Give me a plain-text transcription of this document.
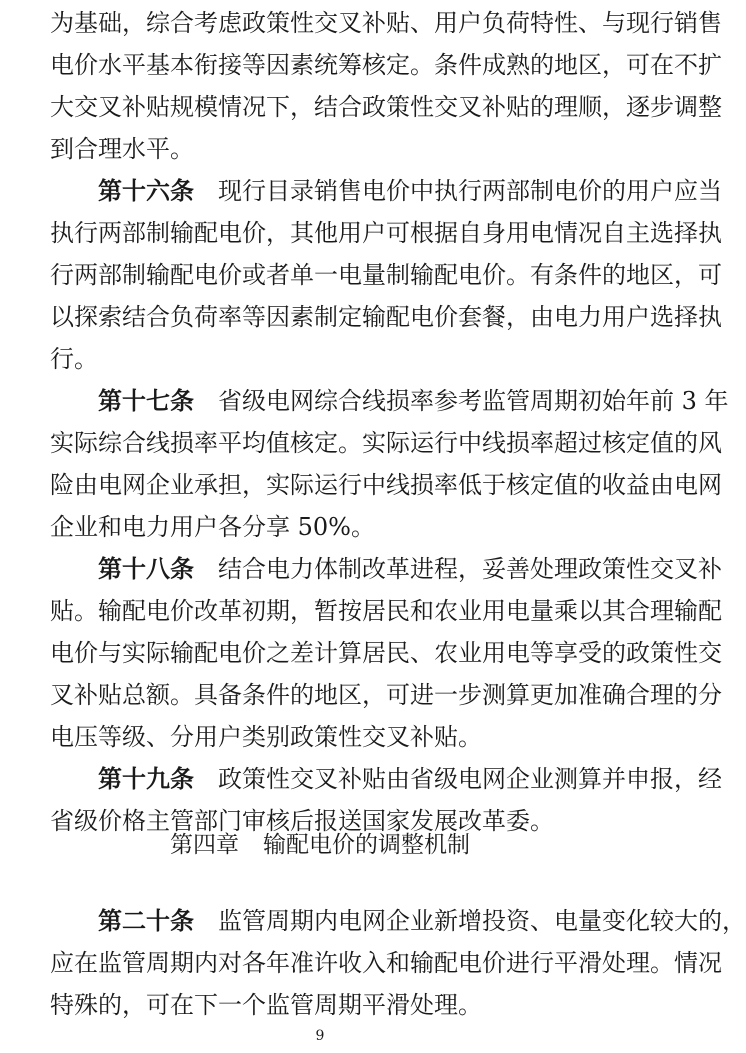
为基础，综合考虑政策性交叉补贴、用户负荷特性、与现行销售
电价水平基本衔接等因素统筹核定。条件成熟的地区，可在不扩
大交叉补贴规模情况下，结合政策性交叉补贴的理顺，逐步调整
到合理水平。
第十六条 现行目录销售电价中执行两部制电价的用户应当
执行两部制输配电价，其他用户可根据自身用电情况自主选择执
行两部制输配电价或者单一电量制输配电价。有条件的地区，可
以探索结合负荷率等因素制定输配电价套餐，由电力用户选择执
行。
第十七条 省级电网综合线损率参考监管周期初始年前 3 年
实际综合线损率平均值核定。实际运行中线损率超过核定值的风
险由电网企业承担，实际运行中线损率低于核定值的收益由电网
企业和电力用户各分享 50%。
第十八条 结合电力体制改革进程，妥善处理政策性交叉补
贴。输配电价改革初期，暂按居民和农业用电量乘以其合理输配
电价与实际输配电价之差计算居民、农业用电等享受的政策性交
叉补贴总额。具备条件的地区，可进一步测算更加准确合理的分
电压等级、分用户类别政策性交叉补贴。
第十九条 政策性交叉补贴由省级电网企业测算并申报，经
省级价格主管部门审核后报送国家发展改革委。
第四章 输配电价的调整机制
第二十条 监管周期内电网企业新增投资、电量变化较大的，
应在监管周期内对各年准许收入和输配电价进行平滑处理。情况
特殊的，可在下一个监管周期平滑处理。
9
